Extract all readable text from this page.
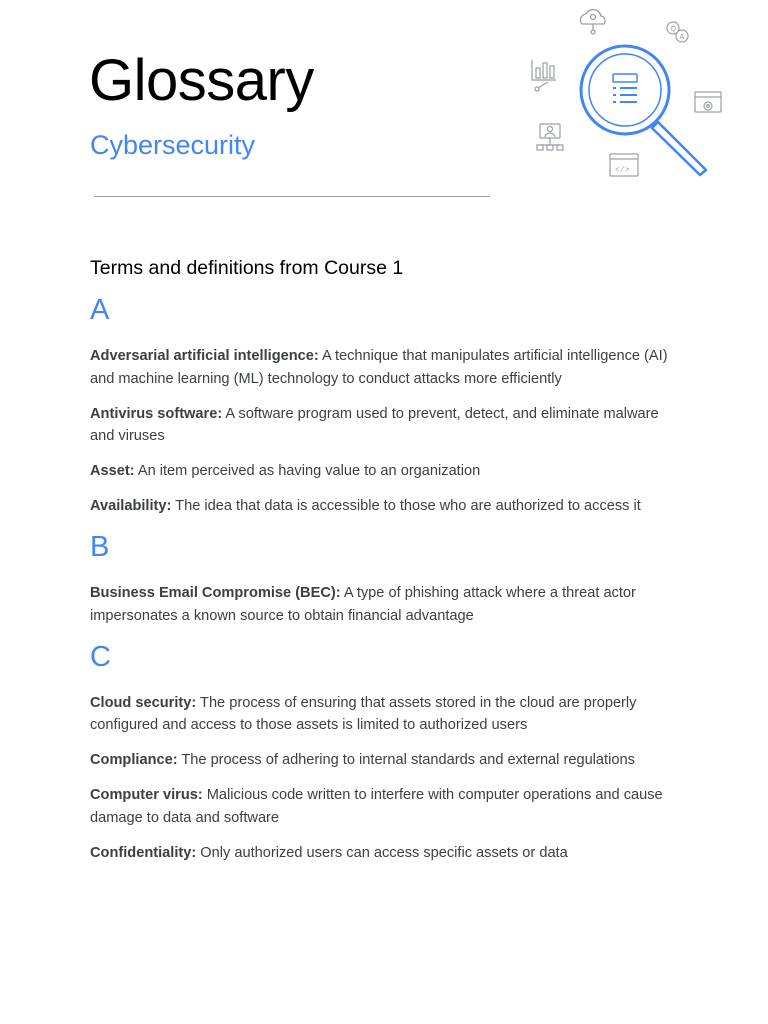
Glossary
Cybersecurity
Q
A
</>
Terms and definitions from Course 1
A

Adversarial artificial intelligence: A technique that manipulates artificial intelligence (AI) and machine learning (ML) technology to conduct attacks more efficiently

Antivirus software: A software program used to prevent, detect, and eliminate malware and viruses

Asset: An item perceived as having value to an organization

Availability: The idea that data is accessible to those who are authorized to access it

B

Business Email Compromise (BEC): A type of phishing attack where a threat actor impersonates a known source to obtain financial advantage

C

Cloud security: The process of ensuring that assets stored in the cloud are properly configured and access to those assets is limited to authorized users

Compliance: The process of adhering to internal standards and external regulations

Computer virus: Malicious code written to interfere with computer operations and cause damage to data and software

Confidentiality: Only authorized users can access specific assets or data
